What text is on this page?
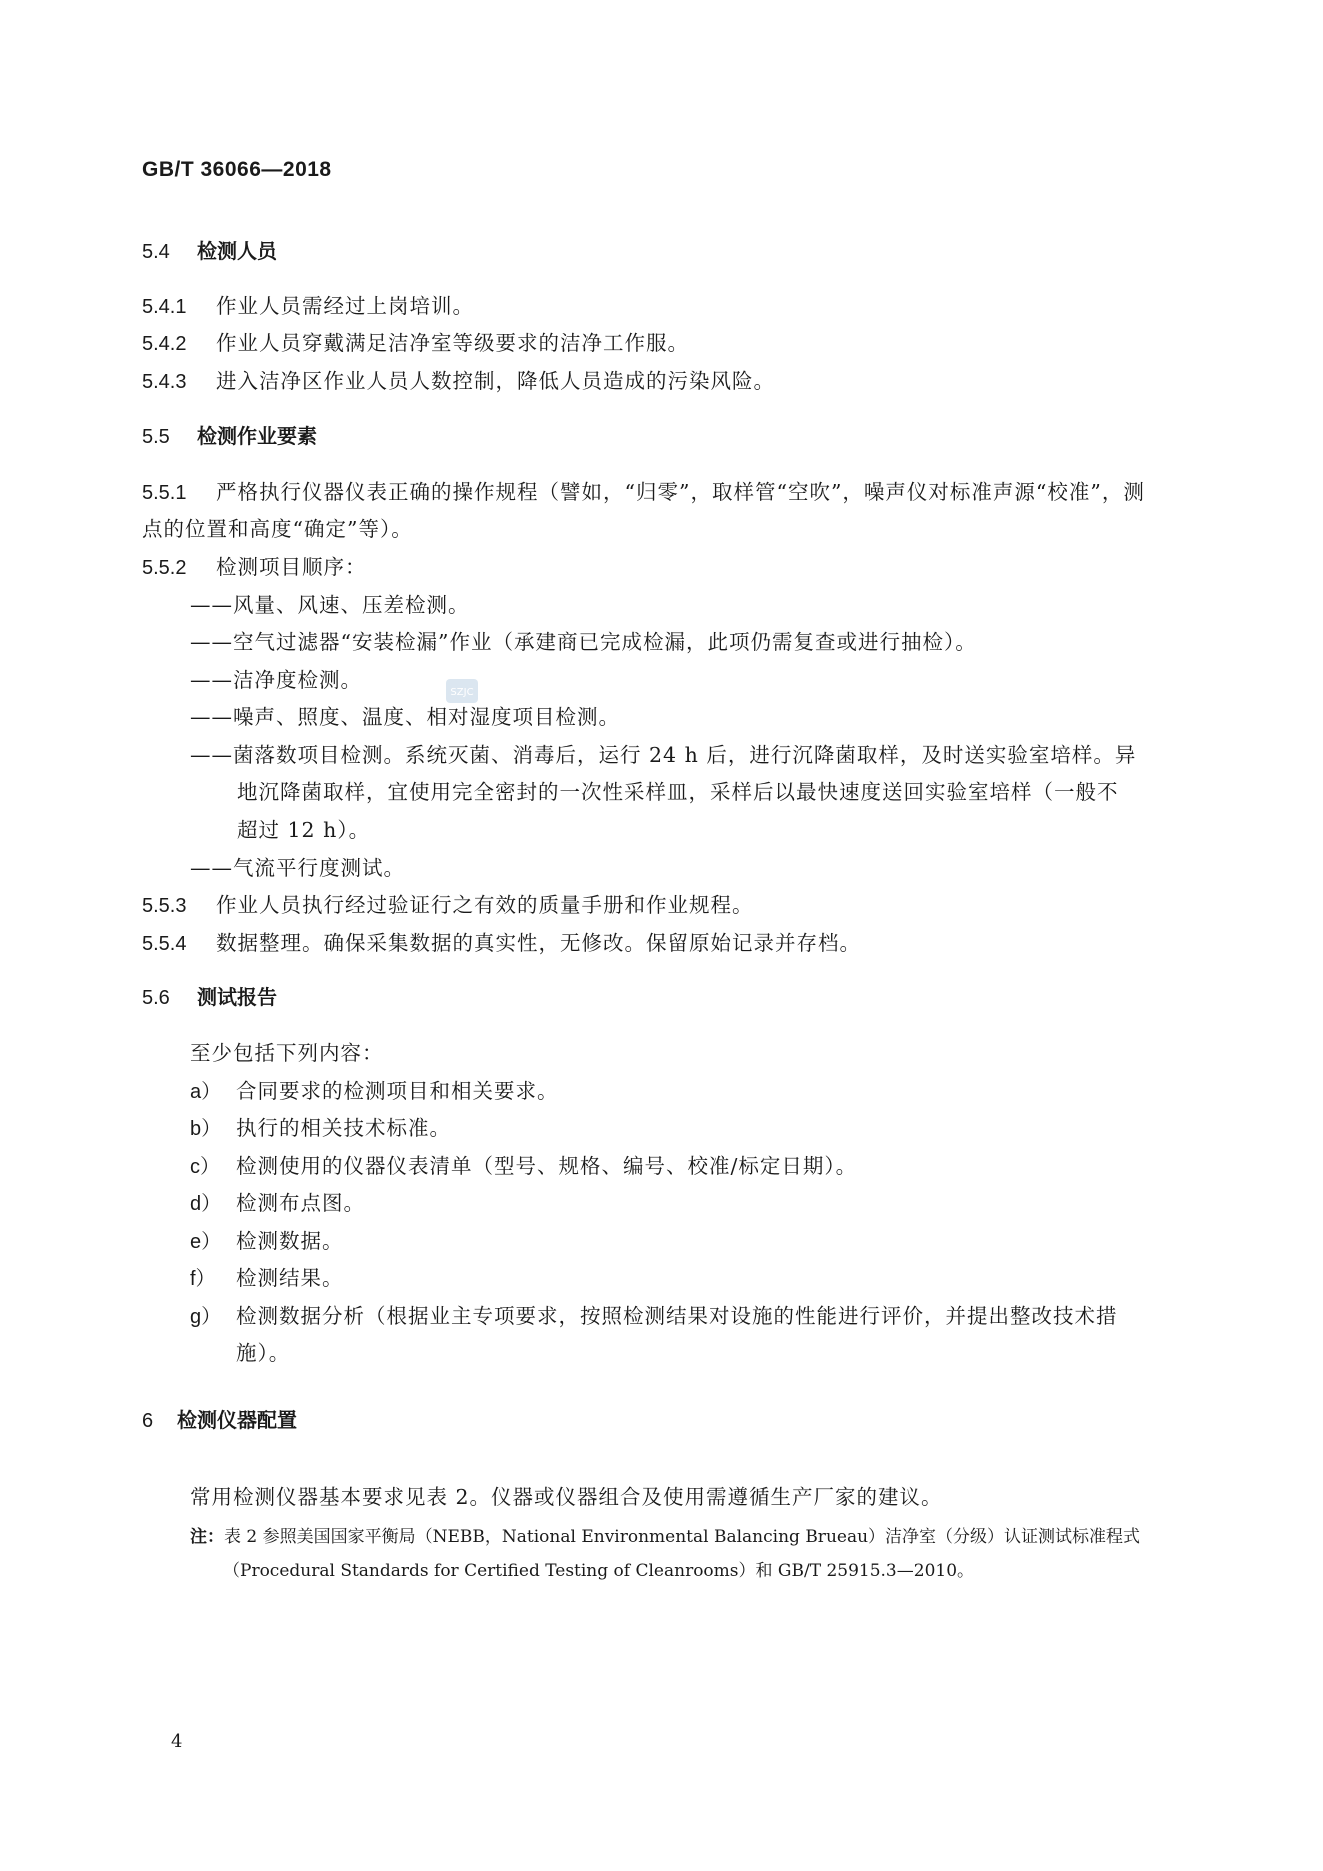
GB/T 36066—2018
5.4 检测人员
5.4.1 作业人员需经过上岗培训。
5.4.2 作业人员穿戴满足洁净室等级要求的洁净工作服。
5.4.3 进入洁净区作业人员人数控制，降低人员造成的污染风险。
5.5 检测作业要素
5.5.1 严格执行仪器仪表正确的操作规程（譬如，“归零”，取样管“空吹”，噪声仪对标准声源“校准”，测
点的位置和高度“确定”等）。
5.5.2 检测项目顺序：
——风量、风速、压差检测。
——空气过滤器“安装检漏”作业（承建商已完成检漏，此项仍需复查或进行抽检）。
——洁净度检测。
——噪声、照度、温度、相对湿度项目检测。
——菌落数项目检测。系统灭菌、消毒后，运行 24 h 后，进行沉降菌取样，及时送实验室培样。异
地沉降菌取样，宜使用完全密封的一次性采样皿，采样后以最快速度送回实验室培样（一般不
超过 12 h）。
——气流平行度测试。
5.5.3 作业人员执行经过验证行之有效的质量手册和作业规程。
5.5.4 数据整理。确保采集数据的真实性，无修改。保留原始记录并存档。
5.6 测试报告
至少包括下列内容：
a） 合同要求的检测项目和相关要求。
b） 执行的相关技术标准。
c） 检测使用的仪器仪表清单（型号、规格、编号、校准/标定日期）。
d） 检测布点图。
e） 检测数据。
f） 检测结果。
g） 检测数据分析（根据业主专项要求，按照检测结果对设施的性能进行评价，并提出整改技术措
施）。
6 检测仪器配置
常用检测仪器基本要求见表 2。仪器或仪器组合及使用需遵循生产厂家的建议。
注：表 2 参照美国国家平衡局（NEBB，National Environmental Balancing Brueau）洁净室（分级）认证测试标准程式
（Procedural Standards for Certified Testing of Cleanrooms）和 GB/T 25915.3—2010。
SZJC
4
